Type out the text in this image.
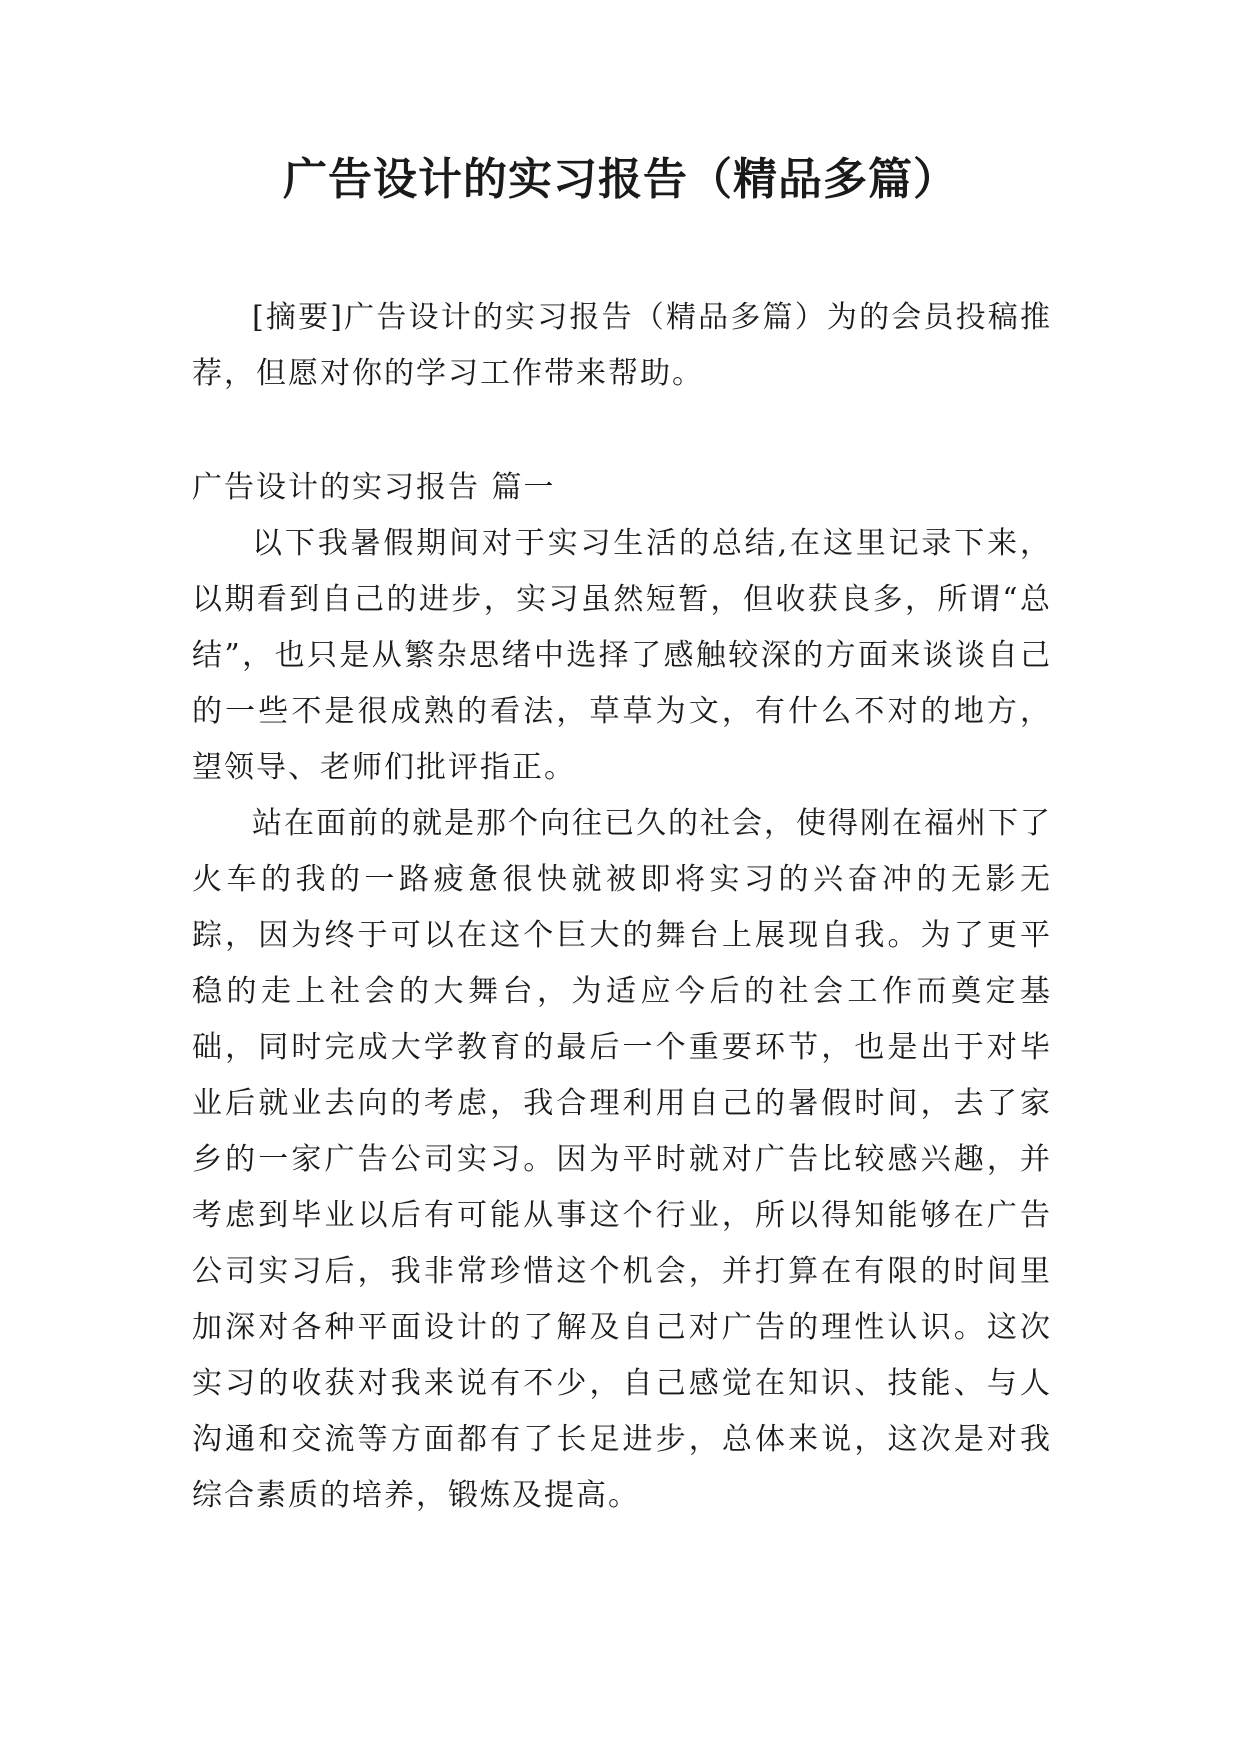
广告设计的实习报告（精品多篇）

[摘要]广告设计的实习报告（精品多篇）为的会员投稿推荐，但愿对你的学习工作带来帮助。

广告设计的实习报告 篇一

以下我暑假期间对于实习生活的总结,在这里记录下来，以期看到自己的进步，实习虽然短暂，但收获良多，所谓“总结”，也只是从繁杂思绪中选择了感触较深的方面来谈谈自己的一些不是很成熟的看法，草草为文，有什么不对的地方，望领导、老师们批评指正。

站在面前的就是那个向往已久的社会，使得刚在福州下了火车的我的一路疲惫很快就被即将实习的兴奋冲的无影无踪，因为终于可以在这个巨大的舞台上展现自我。为了更平稳的走上社会的大舞台，为适应今后的社会工作而奠定基础，同时完成大学教育的最后一个重要环节，也是出于对毕业后就业去向的考虑，我合理利用自己的暑假时间，去了家乡的一家广告公司实习。因为平时就对广告比较感兴趣，并考虑到毕业以后有可能从事这个行业，所以得知能够在广告公司实习后，我非常珍惜这个机会，并打算在有限的时间里加深对各种平面设计的了解及自己对广告的理性认识。这次实习的收获对我来说有不少，自己感觉在知识、技能、与人沟通和交流等方面都有了长足进步，总体来说，这次是对我综合素质的培养，锻炼及提高。
